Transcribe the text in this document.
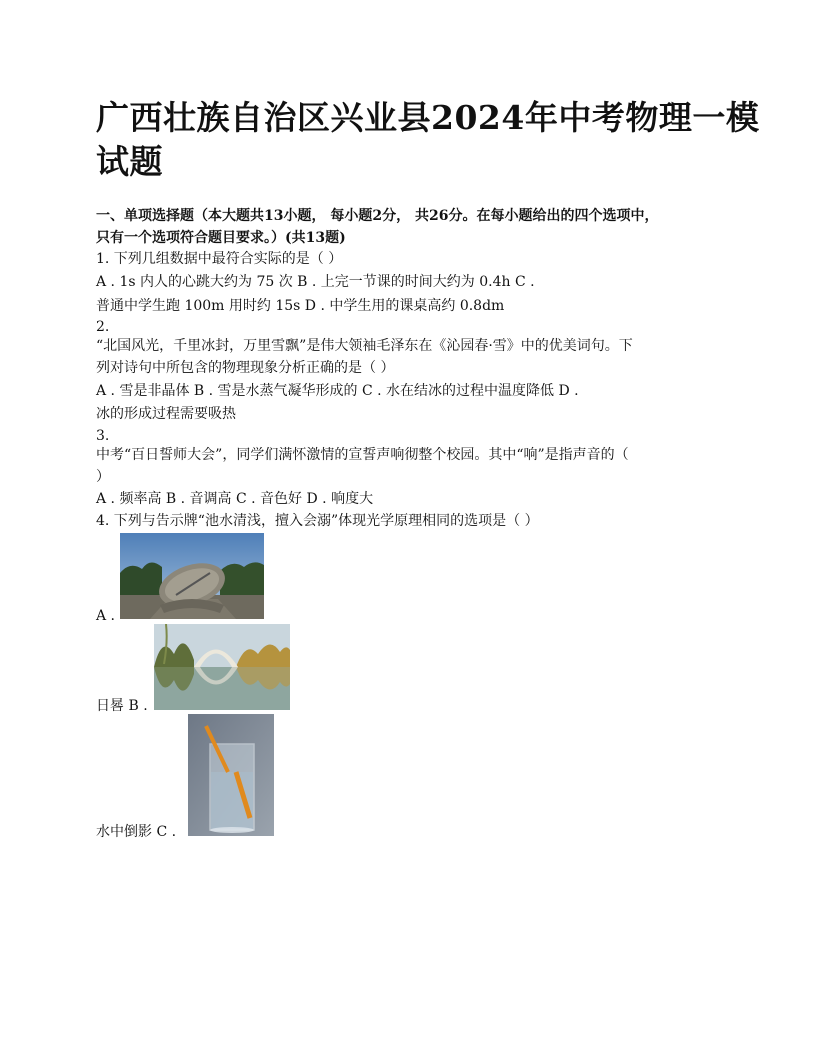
广西壮族自治区兴业县2024年中考物理一模
试题
一、单项选择题（本大题共13小题， 每小题2分， 共26分。在每小题给出的四个选项中，
只有一个选项符合题目要求。）(共13题)
1. 下列几组数据中最符合实际的是（ ）
A . 1s 内人的心跳大约为 75 次 B . 上完一节课的时间大约为 0.4h C .
普通中学生跑 100m 用时约 15s D . 中学生用的课桌高约 0.8dm
2.
“北国风光，千里冰封，万里雪飘”是伟大领袖毛泽东在《沁园春·雪》中的优美词句。下
列对诗句中所包含的物理现象分析正确的是（ ）
A . 雪是非晶体 B . 雪是水蒸气凝华形成的 C . 水在结冰的过程中温度降低 D .
冰的形成过程需要吸热
3.
中考“百日誓师大会”，同学们满怀激情的宣誓声响彻整个校园。其中“响”是指声音的（
）
A . 频率高 B . 音调高 C . 音色好 D . 响度大
4. 下列与告示牌“池水清浅，擅入会溺”体现光学原理相同的选项是（ ）
A .
日晷 B .
水中倒影 C .
